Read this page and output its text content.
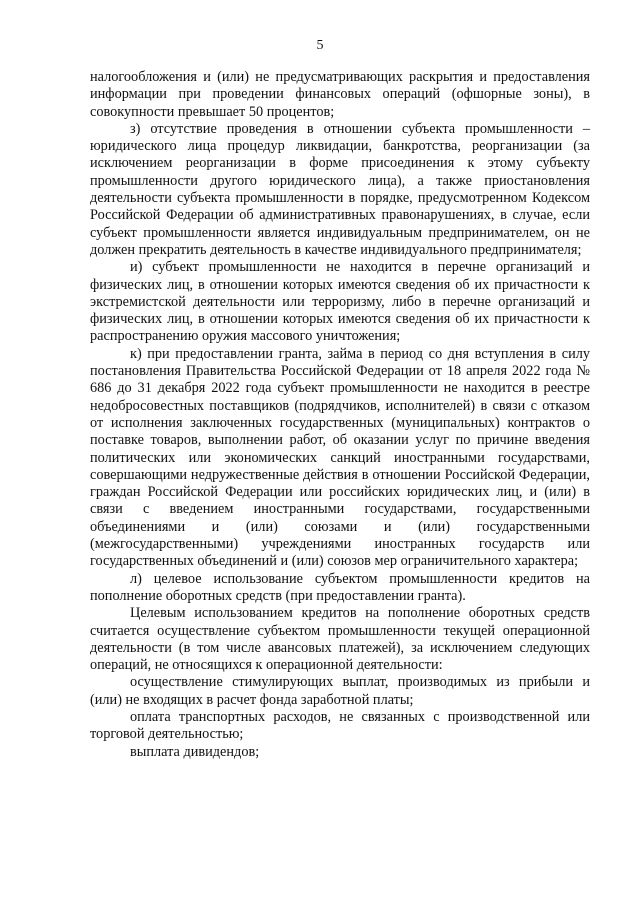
5

налогообложения и (или) не предусматривающих раскрытия и предоставления информации при проведении финансовых операций (офшорные зоны), в совокупности превышает 50 процентов;

з) отсутствие проведения в отношении субъекта промышленности – юридического лица процедур ликвидации, банкротства, реорганизации (за исключением реорганизации в форме присоединения к этому субъекту промышленности другого юридического лица), а также приостановления деятельности субъекта промышленности в порядке, предусмотренном Кодексом Российской Федерации об административных правонарушениях, в случае, если субъект промышленности является индивидуальным предпринимателем, он не должен прекратить деятельность в качестве индивидуального предпринимателя;

и) субъект промышленности не находится в перечне организаций и физических лиц, в отношении которых имеются сведения об их причастности к экстремистской деятельности или терроризму, либо в перечне организаций и физических лиц, в отношении которых имеются сведения об их причастности к распространению оружия массового уничтожения;

к) при предоставлении гранта, займа в период со дня вступления в силу постановления Правительства Российской Федерации от 18 апреля 2022 года № 686 до 31 декабря 2022 года субъект промышленности не находится в реестре недобросовестных поставщиков (подрядчиков, исполнителей) в связи с отказом от исполнения заключенных государственных (муниципальных) контрактов о поставке товаров, выполнении работ, об оказании услуг по причине введения политических или экономических санкций иностранными государствами, совершающими недружественные действия в отношении Российской Федерации, граждан Российской Федерации или российских юридических лиц, и (или) в связи с введением иностранными государствами, государственными объединениями и (или) союзами и (или) государственными (межгосударственными) учреждениями иностранных государств или государственных объединений и (или) союзов мер ограничительного характера;

л) целевое использование субъектом промышленности кредитов на пополнение оборотных средств (при предоставлении гранта).

Целевым использованием кредитов на пополнение оборотных средств считается осуществление субъектом промышленности текущей операционной деятельности (в том числе авансовых платежей), за исключением следующих операций, не относящихся к операционной деятельности:

осуществление стимулирующих выплат, производимых из прибыли и (или) не входящих в расчет фонда заработной платы;

оплата транспортных расходов, не связанных с производственной или торговой деятельностью;

выплата дивидендов;
